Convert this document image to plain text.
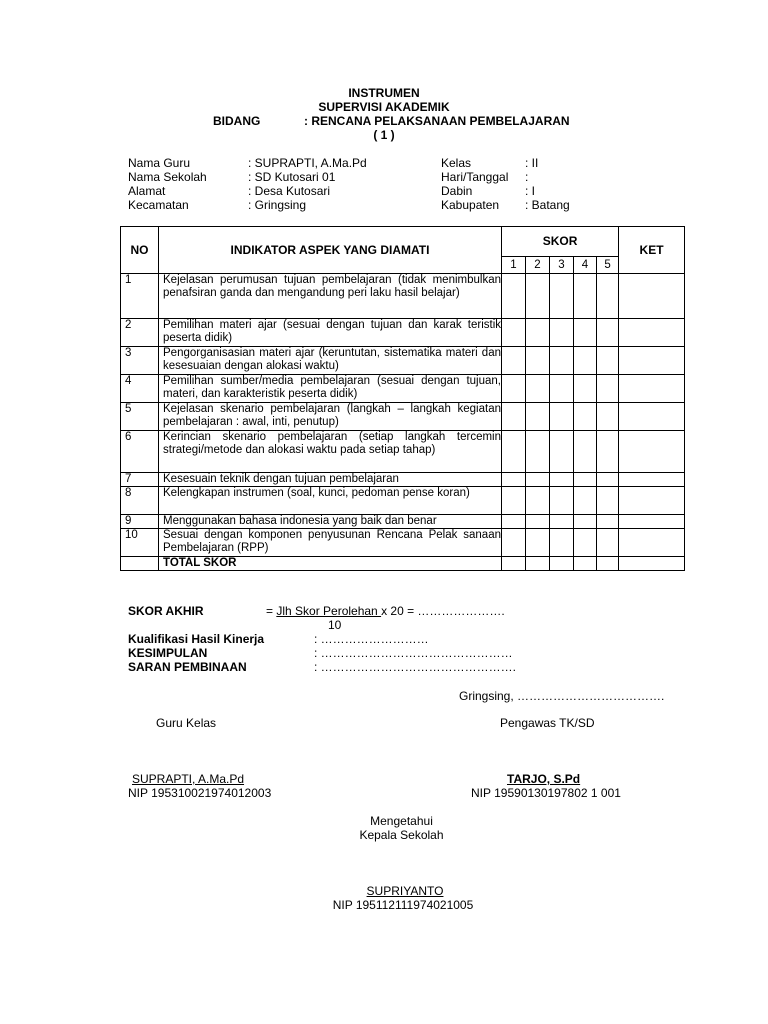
INSTRUMEN
SUPERVISI AKADEMIK
BIDANG	: RENCANA PELAKSANAAN PEMBELAJARAN
( 1 )
Nama Guru	: SUPRAPTI, A.Ma.Pd
Nama Sekolah	: SD Kutosari 01
Alamat	: Desa Kutosari
Kecamatan	: Gringsing
Kelas	: II
Hari/Tanggal :
Dabin	: I
Kabupaten : Batang
NO	INDIKATOR ASPEK YANG DIAMATI	SKOR					KET
		1	2	3	4	5	
1	Kejelasan perumusan tujuan pembelajaran (tidak menimbulkan penafsiran ganda dan mengandung peri laku hasil belajar)						
2	Pemilihan materi ajar (sesuai dengan tujuan dan karak teristik peserta didik)						
3	Pengorganisasian materi ajar (keruntutan, sistematika materi dan kesesuaian dengan alokasi waktu)						
4	Pemilihan sumber/media pembelajaran (sesuai dengan tujuan, materi, dan karakteristik peserta didik)						
5	Kejelasan skenario pembelajaran (langkah – langkah kegiatan pembelajaran : awal, inti, penutup)						
6	Kerincian skenario pembelajaran (setiap langkah tercemin strategi/metode dan alokasi waktu pada setiap tahap)						
7	Kesesuain teknik dengan tujuan pembelajaran						
8	Kelengkapan instrumen (soal, kunci, pedoman pense koran)						
9	Menggunakan bahasa indonesia yang baik dan benar						
10	Sesuai dengan komponen penyusunan Rencana Pelak sanaan Pembelajaran (RPP)						
	TOTAL SKOR						
SKOR AKHIR	= Jlh Skor Perolehan x 20 = ………………….
10
Kualifikasi Hasil Kinerja	: ………………………
KESIMPULAN	: …………………………………………
SARAN PEMBINAAN	: ………………………………………….
Gringsing, ……………………………….
Guru Kelas	Pengawas TK/SD
SUPRAPTI, A.Ma.Pd
NIP 195310021974012003
TARJO, S.Pd
NIP 19590130197802 1 001
Mengetahui
Kepala Sekolah
SUPRIYANTO
NIP 195112111974021005
